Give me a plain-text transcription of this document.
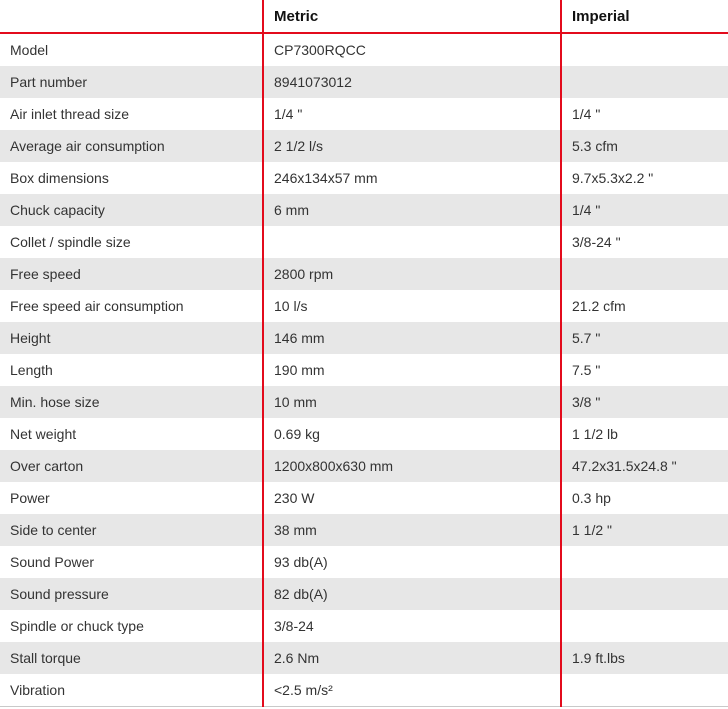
	Metric	Imperial
Model	CP7300RQCC	
Part number	8941073012	
Air inlet thread size	1/4 "	1/4 "
Average air consumption	2 1/2 l/s	5.3 cfm
Box dimensions	246x134x57 mm	9.7x5.3x2.2 "
Chuck capacity	6 mm	1/4 "
Collet / spindle size		3/8-24 "
Free speed	2800 rpm	
Free speed air consumption	10 l/s	21.2 cfm
Height	146 mm	5.7 "
Length	190 mm	7.5 "
Min. hose size	10 mm	3/8 "
Net weight	0.69 kg	1 1/2 lb
Over carton	1200x800x630 mm	47.2x31.5x24.8 "
Power	230 W	0.3 hp
Side to center	38 mm	1 1/2 "
Sound Power	93 db(A)	
Sound pressure	82 db(A)	
Spindle or chuck type	3/8-24	
Stall torque	2.6 Nm	1.9 ft.lbs
Vibration	<2.5 m/s²	
